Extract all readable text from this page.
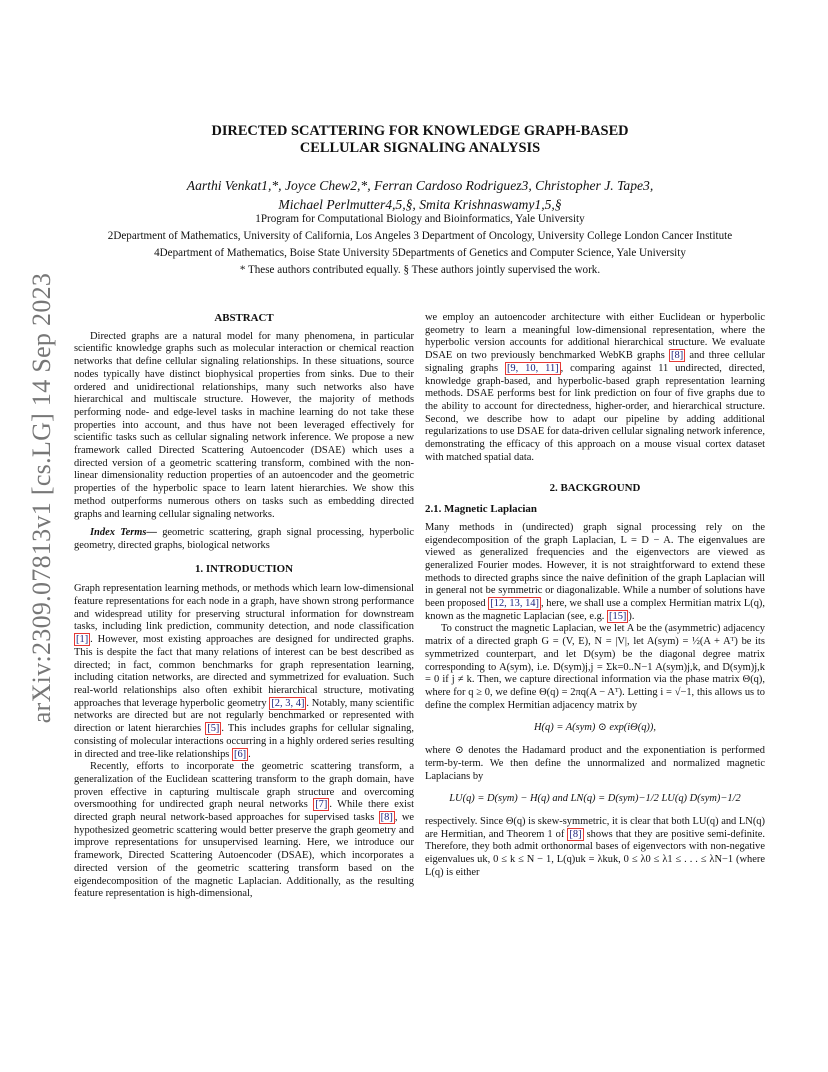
arXiv:2309.07813v1 [cs.LG] 14 Sep 2023
DIRECTED SCATTERING FOR KNOWLEDGE GRAPH-BASED
CELLULAR SIGNALING ANALYSIS
Aarthi Venkat1,*, Joyce Chew2,*, Ferran Cardoso Rodriguez3, Christopher J. Tape3,
Michael Perlmutter4,5,§, Smita Krishnaswamy1,5,§
1Program for Computational Biology and Bioinformatics, Yale University
2Department of Mathematics, University of California, Los Angeles 3 Department of Oncology, University College London Cancer Institute
4Department of Mathematics, Boise State University 5Departments of Genetics and Computer Science, Yale University
* These authors contributed equally. § These authors jointly supervised the work.

ABSTRACT

Directed graphs are a natural model for many phenomena, in particular scientific knowledge graphs such as molecular interaction or chemical reaction networks that define cellular signaling relationships. In these situations, source nodes typically have distinct biophysical properties from sinks. Due to their ordered and unidirectional relationships, many such networks also have hierarchical and multiscale structure. However, the majority of methods performing node- and edge-level tasks in machine learning do not take these properties into account, and thus have not been leveraged effectively for scientific tasks such as cellular signaling network inference. We propose a new framework called Directed Scattering Autoencoder (DSAE) which uses a directed version of a geometric scattering transform, combined with the non-linear dimensionality reduction properties of an autoencoder and the geometric properties of the hyperbolic space to learn latent hierarchies. We show this method outperforms numerous others on tasks such as embedding directed graphs and learning cellular signaling networks.

Index Terms— geometric scattering, graph signal processing, hyperbolic geometry, directed graphs, biological networks

1. INTRODUCTION

Graph representation learning methods, or methods which learn low-dimensional feature representations for each node in a graph, have shown strong performance and widespread utility for preserving structural information for downstream tasks, including link prediction, community detection, and node classification [1] . However, most existing approaches are designed for undirected graphs. This is despite the fact that many relations of interest can be best described as directed; in fact, common benchmarks for graph representation learning, including citation networks, are directed and symmetrized for evaluation. Such real-world relationships also often exhibit hierarchical structure, motivating approaches that leverage hyperbolic geometry [2, 3, 4] . Notably, many scientific networks are directed but are not regularly benchmarked or represented with direction or latent hierarchies [5] . This includes graphs for cellular signaling, consisting of molecular interactions occurring in a highly ordered series resulting in directed and tree-like relationships [6] .

Recently, efforts to incorporate the geometric scattering transform, a generalization of the Euclidean scattering transform to the graph domain, have proven effective in capturing multiscale graph structure and overcoming oversmoothing for undirected graph neural networks [7] . While there exist directed graph neural network-based approaches for supervised tasks [8] , we hypothesized geometric scattering would better preserve the graph geometry and improve representations for unsupervised learning. Here, we introduce our framework, Directed Scattering Autoencoder (DSAE), which incorporates a directed version of the geometric scattering transform based on the eigendecomposition of the magnetic Laplacian. Additionally, as the resulting feature representation is high-dimensional,

we employ an autoencoder architecture with either Euclidean or hyperbolic geometry to learn a meaningful low-dimensional representation, where the hyperbolic version accounts for additional hierarchical structure. We evaluate DSAE on two previously benchmarked WebKB graphs [8] and three cellular signaling graphs [9, 10, 11] , comparing against 11 undirected, directed, knowledge graph-based, and hyperbolic-based graph representation learning methods. DSAE performs best for link prediction on four of five graphs due to the ability to account for directedness, higher-order, and hierarchical structure. Second, we describe how to adapt our pipeline by adding additional regularizations to use DSAE for data-driven cellular signaling network inference, demonstrating the efficacy of this approach on a mouse visual cortex dataset with matched spatial data.

2. BACKGROUND

2.1. Magnetic Laplacian

Many methods in (undirected) graph signal processing rely on the eigendecomposition of the graph Laplacian, L = D − A. The eigenvalues are viewed as generalized frequencies and the eigenvectors are viewed as generalized Fourier modes. However, it is not straightforward to extend these methods to directed graphs since the naive definition of the graph Laplacian will in general not be symmetric or diagonalizable. While a number of solutions have been proposed [12, 13, 14] , here, we shall use a complex Hermitian matrix L(q), known as the magnetic Laplacian (see, e.g. [15] ).

To construct the magnetic Laplacian, we let A be the (asymmetric) adjacency matrix of a directed graph G = (V, E), N = |V|, let A(sym) = ½(A + Aᵀ) be its symmetrized counterpart, and let D(sym) be the diagonal degree matrix corresponding to A(sym), i.e. D(sym)j,j = Σk=0..N−1 A(sym)j,k, and D(sym)j,k = 0 if j ≠ k. Then, we capture directional information via the phase matrix Θ(q), where for q ≥ 0, we define Θ(q) = 2πq(A − Aᵀ). Letting i = √−1, this allows us to define the complex Hermitian adjacency matrix by

H(q) = A(sym) ⊙ exp(iΘ(q)),

where ⊙ denotes the Hadamard product and the exponentiation is performed term-by-term. We then define the unnormalized and normalized magnetic Laplacians by

LU(q) = D(sym) − H(q) and LN(q) = D(sym)−1/2 LU(q) D(sym)−1/2

respectively. Since Θ(q) is skew-symmetric, it is clear that both LU(q) and LN(q) are Hermitian, and Theorem 1 of [8] shows that they are positive semi-definite. Therefore, they both admit orthonormal bases of eigenvectors with non-negative eigenvalues uk, 0 ≤ k ≤ N − 1, L(q)uk = λkuk, 0 ≤ λ0 ≤ λ1 ≤ . . . ≤ λN−1 (where L(q) is either
